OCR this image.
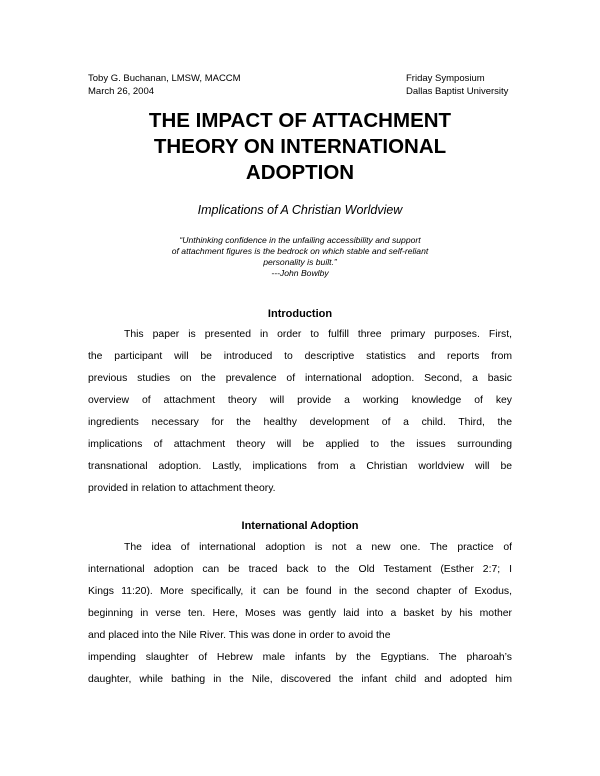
Toby G. Buchanan, LMSW, MACCM
March 26, 2004
Friday Symposium
Dallas Baptist University
THE IMPACT OF ATTACHMENT
THEORY ON INTERNATIONAL
ADOPTION
Implications of A Christian Worldview
“Unthinking confidence in the unfailing accessibility and support
of attachment figures is the bedrock on which stable and self-reliant
personality is built.”
---John Bowlby
Introduction
This paper is presented in order to fulfill three primary purposes. First,
the participant will be introduced to descriptive statistics and reports from
previous studies on the prevalence of international adoption. Second, a basic
overview of attachment theory will provide a working knowledge of key
ingredients necessary for the healthy development of a child. Third, the
implications of attachment theory will be applied to the issues surrounding
transnational adoption. Lastly, implications from a Christian worldview will be
provided in relation to attachment theory.
International Adoption
The idea of international adoption is not a new one. The practice of
international adoption can be traced back to the Old Testament (Esther 2:7; I
Kings 11:20). More specifically, it can be found in the second chapter of Exodus,
beginning in verse ten. Here, Moses was gently laid into a basket by his mother
and placed into the Nile River. This was done in order to avoid the
impending slaughter of Hebrew male infants by the Egyptians. The pharoah’s
daughter, while bathing in the Nile, discovered the infant child and adopted him
